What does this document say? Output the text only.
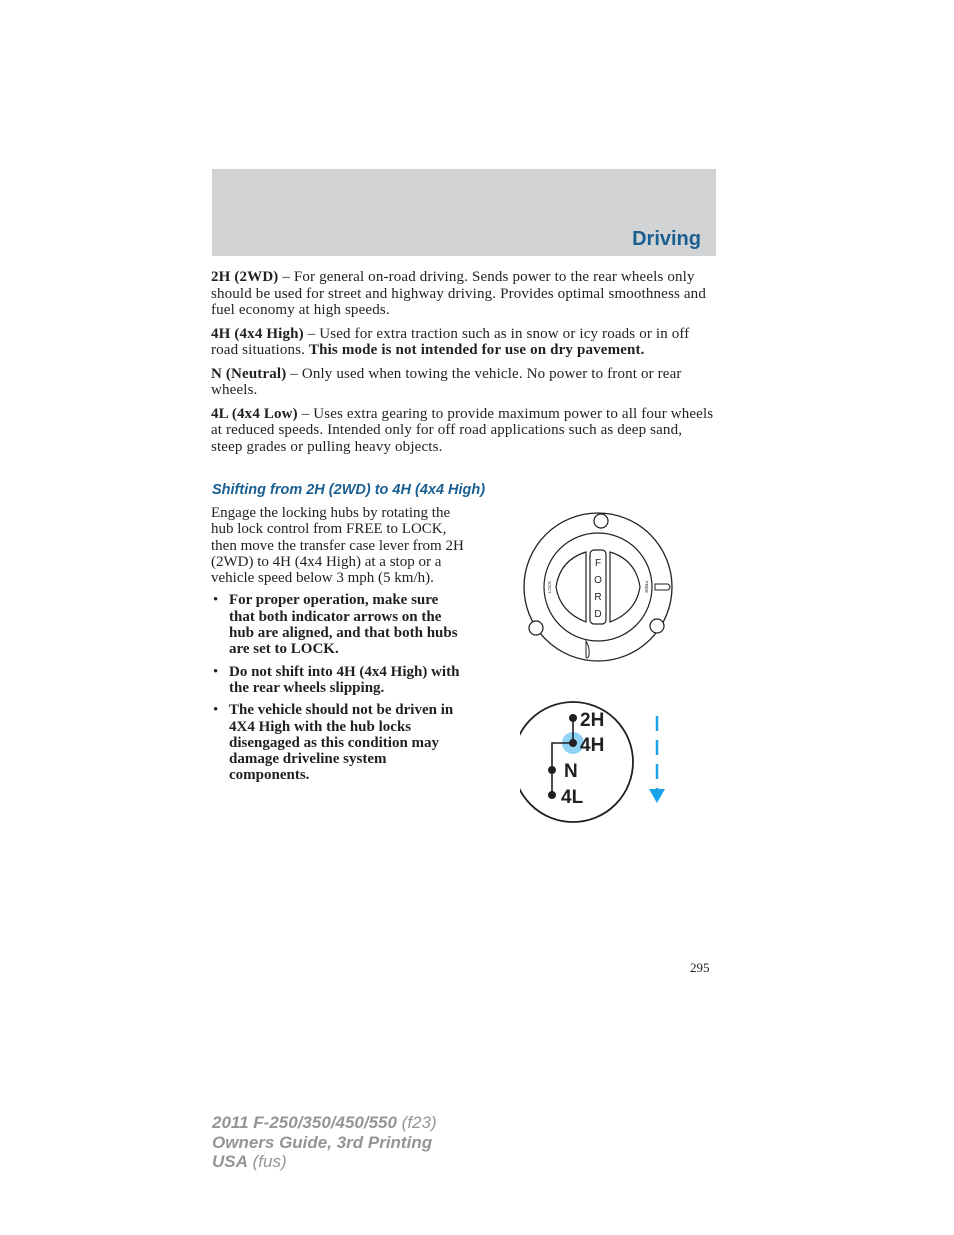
Driving

2H (2WD) – For general on-road driving. Sends power to the rear wheels only should be used for street and highway driving. Provides optimal smoothness and fuel economy at high speeds.

4H (4x4 High) – Used for extra traction such as in snow or icy roads or in off road situations. This mode is not intended for use on dry pavement.

N (Neutral) – Only used when towing the vehicle. No power to front or rear wheels.

4L (4x4 Low) – Uses extra gearing to provide maximum power to all four wheels at reduced speeds. Intended only for off road applications such as deep sand, steep grades or pulling heavy objects.

Shifting from 2H (2WD) to 4H (4x4 High)
Engage the locking hubs by rotating the hub lock control from FREE to LOCK, then move the transfer case lever from 2H (2WD) to 4H (4x4 High) at a stop or a vehicle speed below 3 mph (5 km/h).
• For proper operation, make sure that both indicator arrows on the hub are aligned, and that both hubs are set to LOCK.
• Do not shift into 4H (4x4 High) with the rear wheels slipping.
• The vehicle should not be driven in 4X4 High with the hub locks disengaged as this condition may damage driveline system components.
F
O
R
D
LOCK	FREE
2H
4H
N
4L
295
2011 F-250/350/450/550 (f23)
Owners Guide, 3rd Printing
USA (fus)
